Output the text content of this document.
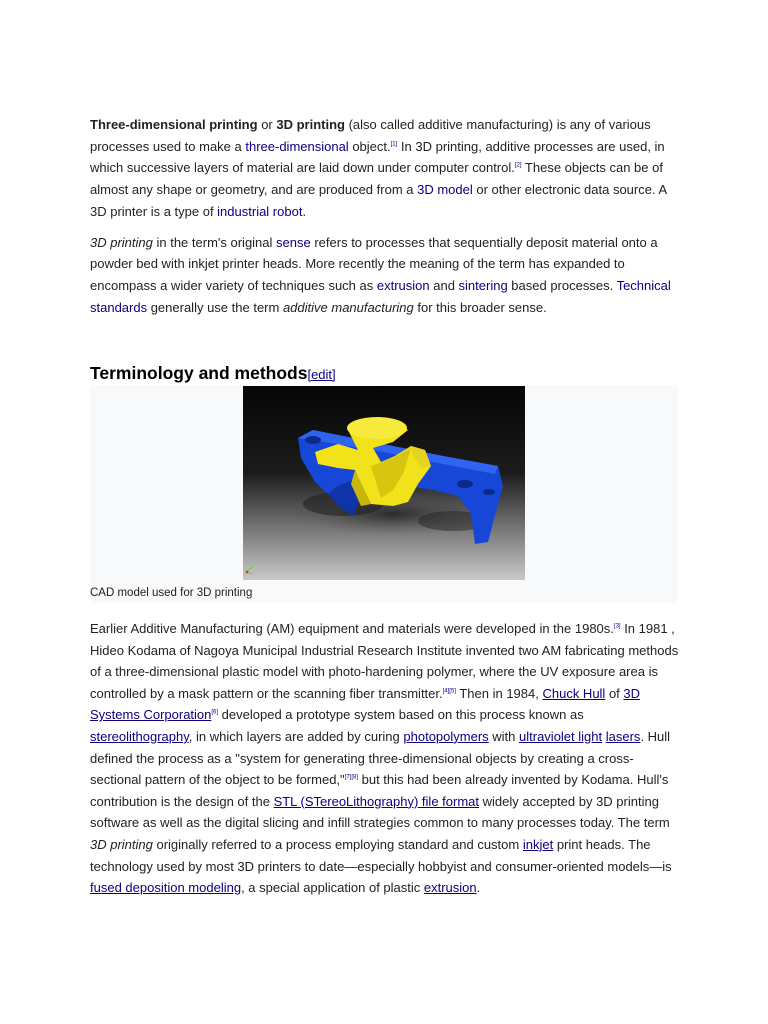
Three-dimensional printing or 3D printing (also called additive manufacturing) is any of various processes used to make a three-dimensional object.[1] In 3D printing, additive processes are used, in which successive layers of material are laid down under computer control.[2] These objects can be of almost any shape or geometry, and are produced from a 3D model or other electronic data source. A 3D printer is a type of industrial robot.

3D printing in the term's original sense refers to processes that sequentially deposit material onto a powder bed with inkjet printer heads. More recently the meaning of the term has expanded to encompass a wider variety of techniques such as extrusion and sintering based processes. Technical standards generally use the term additive manufacturing for this broader sense.

Terminology and methods[edit]
CAD model used for 3D printing

Earlier Additive Manufacturing (AM) equipment and materials were developed in the 1980s.[3] In 1981 , Hideo Kodama of Nagoya Municipal Industrial Research Institute invented two AM fabricating methods of a three-dimensional plastic model with photo-hardening polymer, where the UV exposure area is controlled by a mask pattern or the scanning fiber transmitter.[4][5] Then in 1984, Chuck Hull of 3D Systems Corporation[6] developed a prototype system based on this process known as stereolithography, in which layers are added by curing photopolymers with ultraviolet light lasers. Hull defined the process as a "system for generating three-dimensional objects by creating a cross-sectional pattern of the object to be formed,"[7][8] but this had been already invented by Kodama. Hull's contribution is the design of the STL (STereoLithography) file format widely accepted by 3D printing software as well as the digital slicing and infill strategies common to many processes today. The term 3D printing originally referred to a process employing standard and custom inkjet print heads. The technology used by most 3D printers to date—especially hobbyist and consumer-oriented models—is fused deposition modeling, a special application of plastic extrusion.
